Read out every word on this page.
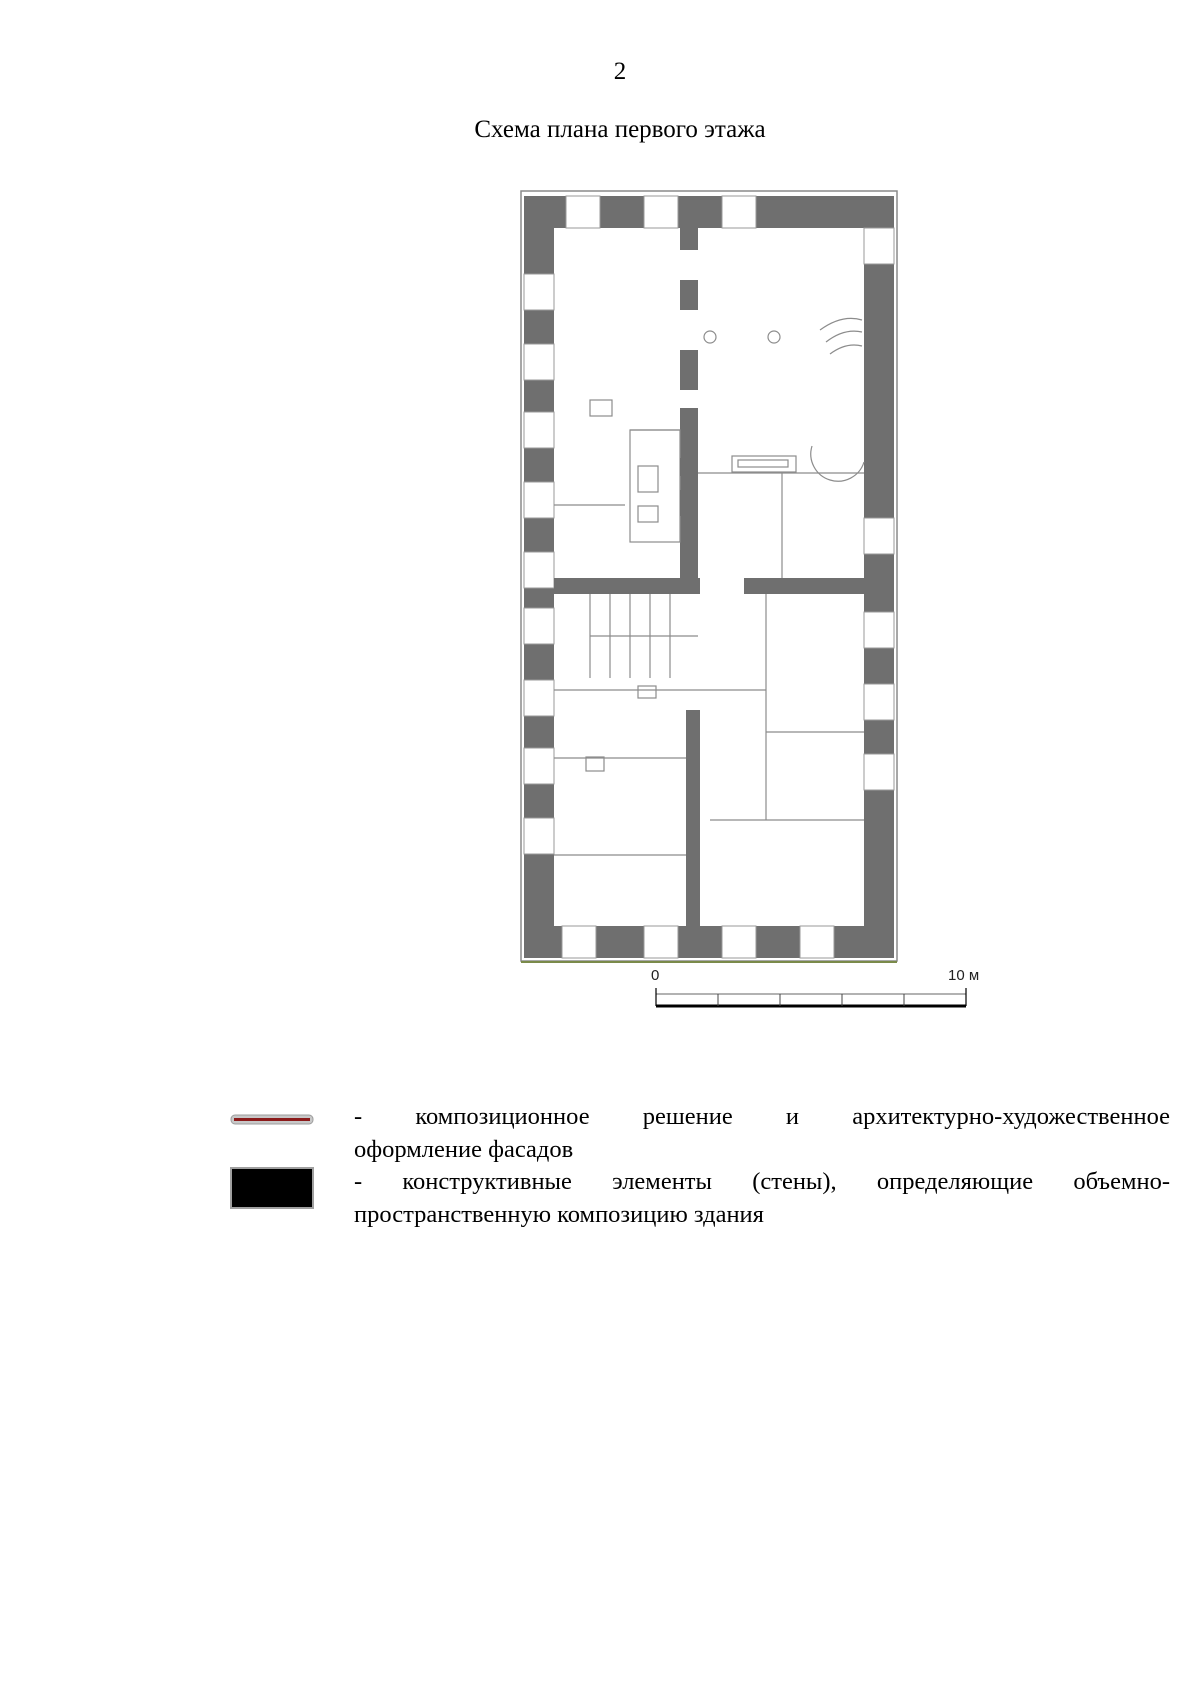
2
Схема плана первого этажа
0	10 м
- композиционное решение и архитектурно-художественное
оформление фасадов
- конструктивные элементы (стены), определяющие объемно-
пространственную композицию здания
